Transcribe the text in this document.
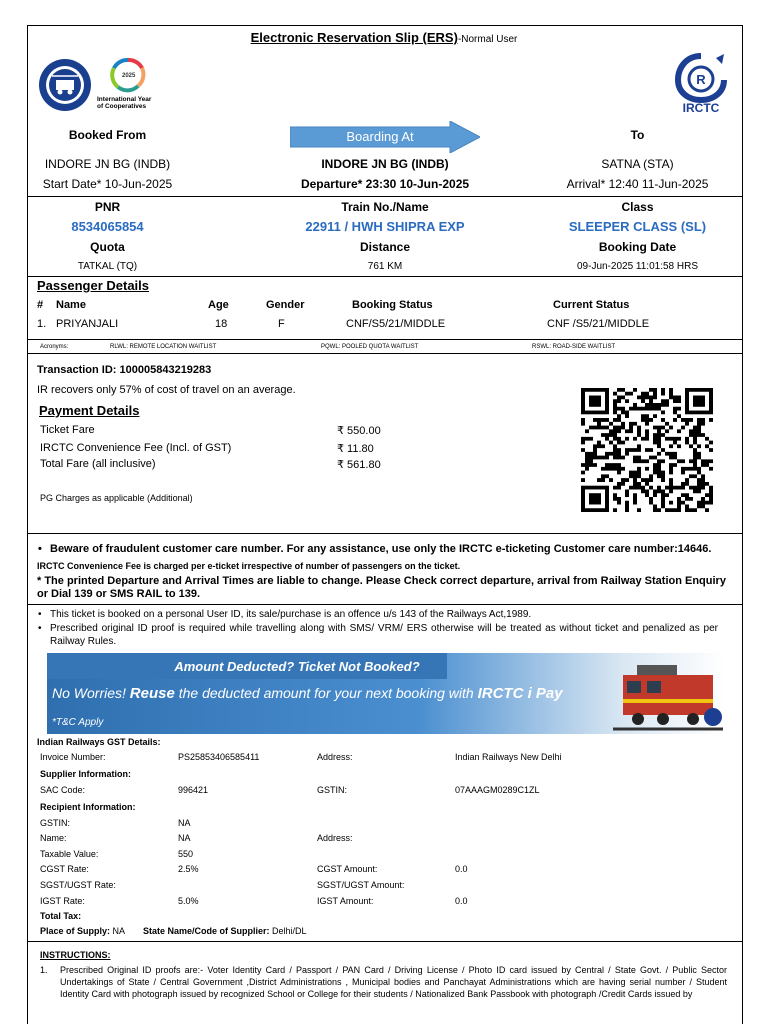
Electronic Reservation Slip (ERS)-Normal User
2025
International Year
of Cooperatives
R
IRCTC
Booked From	Boarding At	To
INDORE JN BG (INDB)	INDORE JN BG (INDB)	SATNA (STA)
Start Date* 10-Jun-2025	Departure* 23:30 10-Jun-2025	Arrival* 12:40 11-Jun-2025
PNR	Train No./Name	Class
8534065854	22911 / HWH SHIPRA EXP	SLEEPER CLASS (SL)
Quota	Distance	Booking Date
TATKAL (TQ)	761 KM	09-Jun-2025 11:01:58 HRS
Passenger Details
# Name	Age	Gender	Booking Status	Current Status
1. PRIYANJALI	18	F	CNF/S5/21/MIDDLE	CNF /S5/21/MIDDLE
Acronyms:	RLWL: REMOTE LOCATION WAITLIST	PQWL: POOLED QUOTA WAITLIST	RSWL: ROAD-SIDE WAITLIST
Transaction ID: 100005843219283
IR recovers only 57% of cost of travel on an average.
Payment Details
Ticket Fare	₹ 550.00
IRCTC Convenience Fee (Incl. of GST)	₹ 11.80
Total Fare (all inclusive)	₹ 561.80
PG Charges as applicable (Additional)
• Beware of fraudulent customer care number. For any assistance, use only the IRCTC e-ticketing Customer care number:14646.
IRCTC Convenience Fee is charged per e-ticket irrespective of number of passengers on the ticket.
* The printed Departure and Arrival Times are liable to change. Please Check correct departure, arrival from Railway Station Enquiry or Dial 139 or SMS RAIL to 139.
• This ticket is booked on a personal User ID, its sale/purchase is an offence u/s 143 of the Railways Act,1989.
• Prescribed original ID proof is required while travelling along with SMS/ VRM/ ERS otherwise will be treated as without ticket and penalized as per Railway Rules.
Amount Deducted? Ticket Not Booked?
No Worries! Reuse the deducted amount for your next booking with IRCTC i Pay
*T&C Apply
Indian Railways GST Details:
Invoice Number:	PS25853406585411	Address:	Indian Railways New Delhi
Supplier Information:
SAC Code:	996421	GSTIN:	07AAAGM0289C1ZL
Recipient Information:
GSTIN:	NA
Name:	NA	Address:
Taxable Value:	550
CGST Rate:	2.5%	CGST Amount:	0.0
SGST/UGST Rate:	SGST/UGST Amount:
IGST Rate:	5.0%	IGST Amount:	0.0
Total Tax:
Place of Supply: NA State Name/Code of Supplier: Delhi/DL
INSTRUCTIONS:
1. Prescribed Original ID proofs are:- Voter Identity Card / Passport / PAN Card / Driving License / Photo ID card issued by Central / State Govt. / Public Sector Undertakings of State / Central Government ,District Administrations , Municipal bodies and Panchayat Administrations which are having serial number / Student Identity Card with photograph issued by recognized School or College for their students / Nationalized Bank Passbook with photograph /Credit Cards issued by
